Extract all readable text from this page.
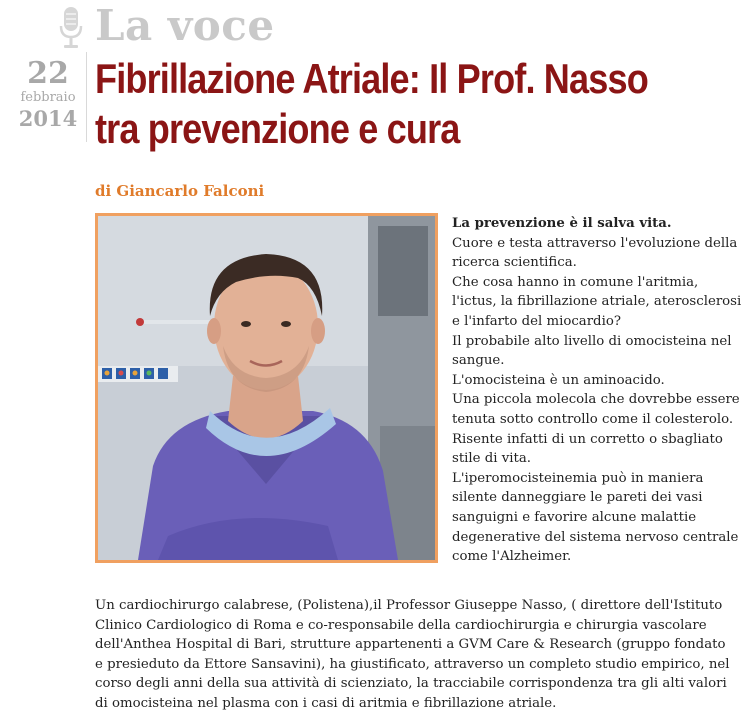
La voce
22
febbraio
2014
Fibrillazione Atriale: Il Prof. Nasso tra prevenzione e cura
di Giancarlo Falconi

La prevenzione è il salva vita.

Cuore e testa attraverso l'evoluzione della ricerca scientifica.

Che cosa hanno in comune l'aritmia, l'ictus, la fibrillazione atriale, aterosclerosi e l'infarto del miocardio?

Il probabile alto livello di omocisteina nel sangue.

L'omocisteina è un aminoacido.

Una piccola molecola che dovrebbe essere tenuta sotto controllo come il colesterolo.

Risente infatti di un corretto o sbagliato stile di vita.

L'iperomocisteinemia può in maniera silente danneggiare le pareti dei vasi sanguigni e favorire alcune malattie degenerative del sistema nervoso centrale come l'Alzheimer.

Un cardiochirurgo calabrese, (Polistena),il Professor Giuseppe Nasso, ( direttore dell'Istituto Clinico Cardiologico di Roma e co-responsabile della cardiochirurgia e chirurgia vascolare dell'Anthea Hospital di Bari, strutture appartenenti a GVM Care & Research (gruppo fondato e presieduto da Ettore Sansavini), ha giustificato, attraverso un completo studio empirico, nel corso degli anni della sua attività di scienziato, la tracciabile corrispondenza tra gli alti valori di omocisteina nel plasma con i casi di aritmia e fibrillazione atriale.
